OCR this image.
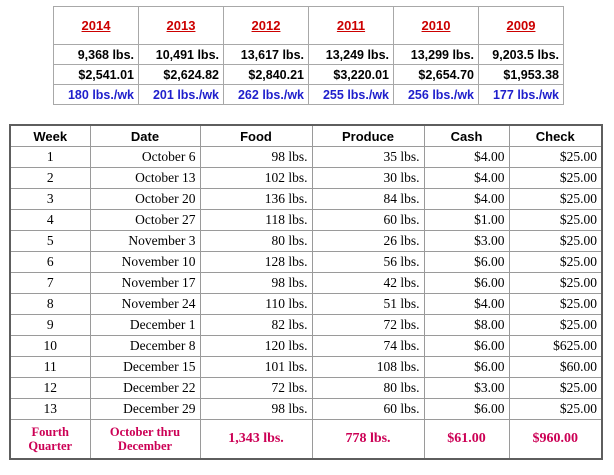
2014	2013	2012	2011	2010	2009
9,368 lbs.	10,491 lbs.	13,617 lbs.	13,249 lbs.	13,299 lbs.	9,203.5 lbs.
$2,541.01	$2,624.82	$2,840.21	$3,220.01	$2,654.70	$1,953.38
180 lbs./wk	201 lbs./wk	262 lbs./wk	255 lbs./wk	256 lbs./wk	177 lbs./wk
Week	Date	Food	Produce	Cash	Check
1	October 6	98 lbs.	35 lbs.	$4.00	$25.00
2	October 13	102 lbs.	30 lbs.	$4.00	$25.00
3	October 20	136 lbs.	84 lbs.	$4.00	$25.00
4	October 27	118 lbs.	60 lbs.	$1.00	$25.00
5	November 3	80 lbs.	26 lbs.	$3.00	$25.00
6	November 10	128 lbs.	56 lbs.	$6.00	$25.00
7	November 17	98 lbs.	42 lbs.	$6.00	$25.00
8	November 24	110 lbs.	51 lbs.	$4.00	$25.00
9	December 1	82 lbs.	72 lbs.	$8.00	$25.00
10	December 8	120 lbs.	74 lbs.	$6.00	$625.00
11	December 15	101 lbs.	108 lbs.	$6.00	$60.00
12	December 22	72 lbs.	80 lbs.	$3.00	$25.00
13	December 29	98 lbs.	60 lbs.	$6.00	$25.00
Fourth Quarter	October thru December	1,343 lbs.	778 lbs.	$61.00	$960.00
